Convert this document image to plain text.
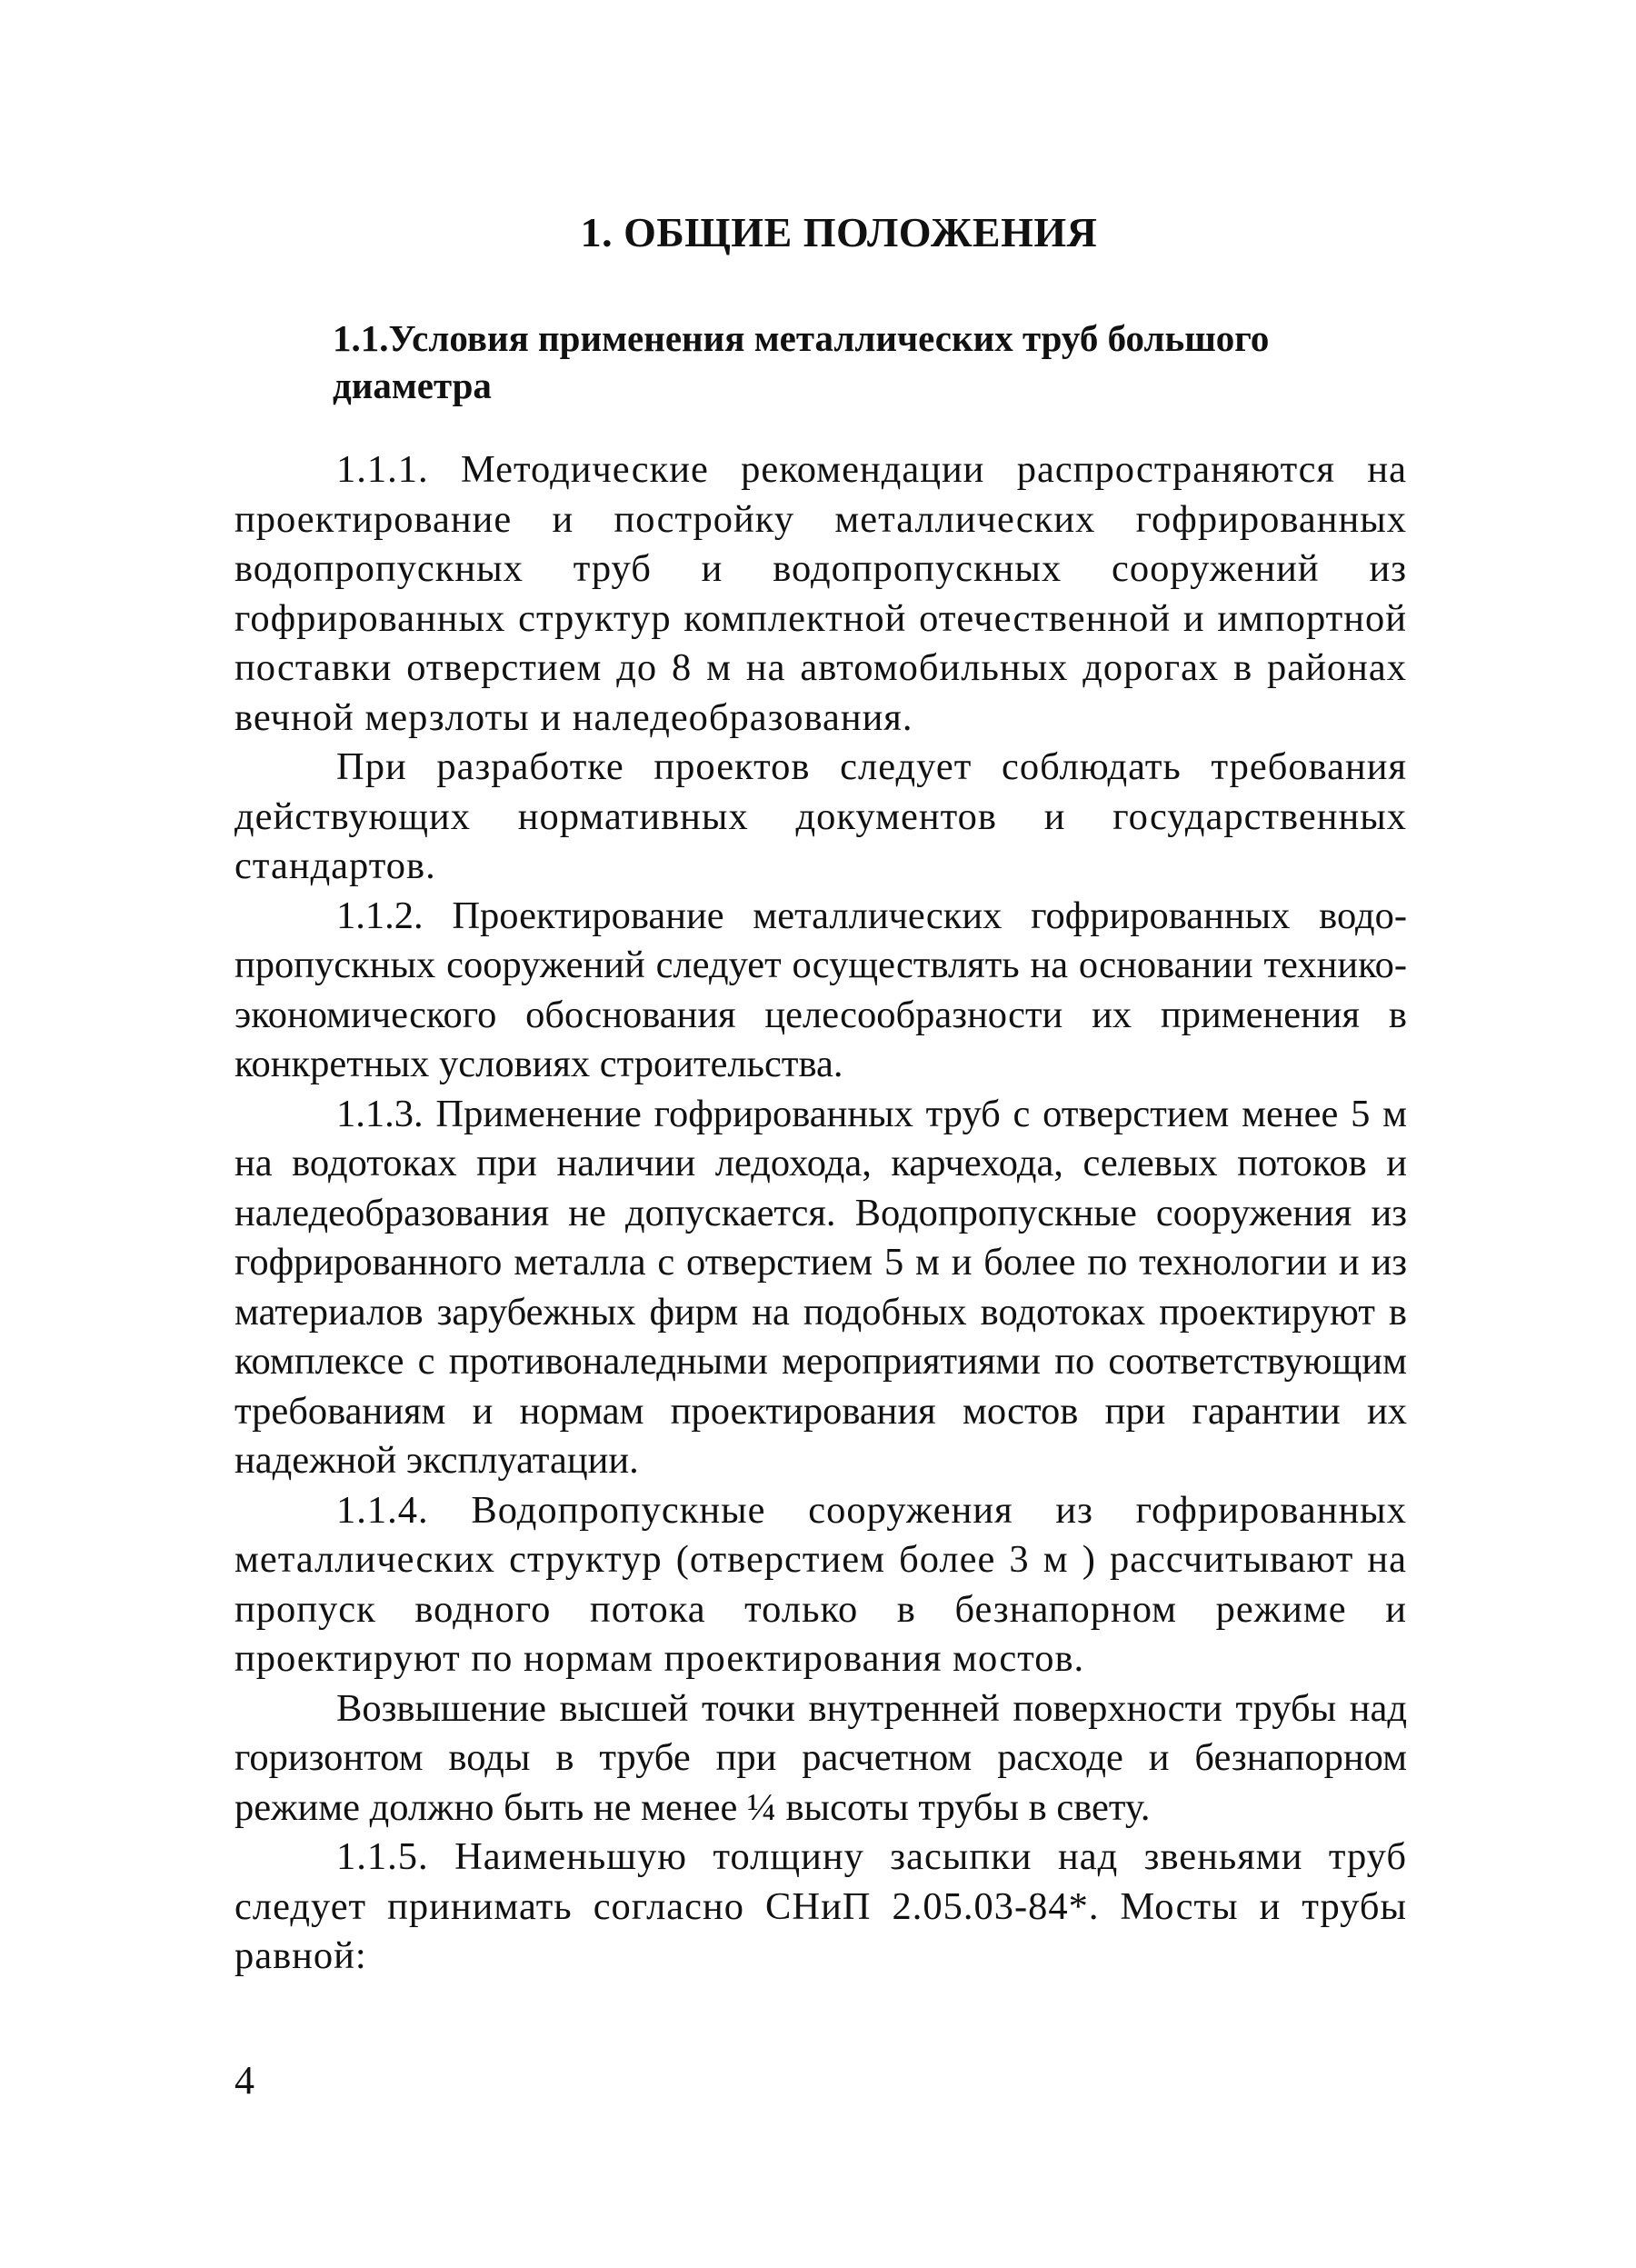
1. ОБЩИЕ ПОЛОЖЕНИЯ
1.1.Условия применения металлических труб большого диаметра

1.1.1. Методические рекомендации распространяются на проектирование и постройку металлических гофрированных водопропускных труб и водопропускных сооружений из гофрированных структур комплектной отечественной и импортной поставки отверстием до 8 м на автомобильных дорогах в районах вечной мерзлоты и наледеобразования.

При разработке проектов следует соблюдать требования действующих нормативных документов и государственных стандартов.

1.1.2. Проектирование металлических гофрированных водо-пропускных сооружений следует осуществлять на основании технико-экономического обоснования целесообразности их применения в конкретных условиях строительства.

1.1.3. Применение гофрированных труб с отверстием менее 5 м на водотоках при наличии ледохода, карчехода, селевых потоков и наледеобразования не допускается. Водопропускные сооружения из гофрированного металла с отверстием 5 м и более по технологии и из материалов зарубежных фирм на подобных водотоках проектируют в комплексе с противоналедными мероприятиями по соответствующим требованиям и нормам проектирования мостов при гарантии их надежной эксплуатации.

1.1.4. Водопропускные сооружения из гофрированных металлических структур (отверстием более 3 м ) рассчитывают на пропуск водного потока только в безнапорном режиме и проектируют по нормам проектирования мостов.

Возвышение высшей точки внутренней поверхности трубы над горизонтом воды в трубе при расчетном расходе и безнапорном режиме должно быть не менее ¼ высоты трубы в свету.

1.1.5. Наименьшую толщину засыпки над звеньями труб следует принимать согласно СНиП 2.05.03-84*. Мосты и трубы равной:

4
